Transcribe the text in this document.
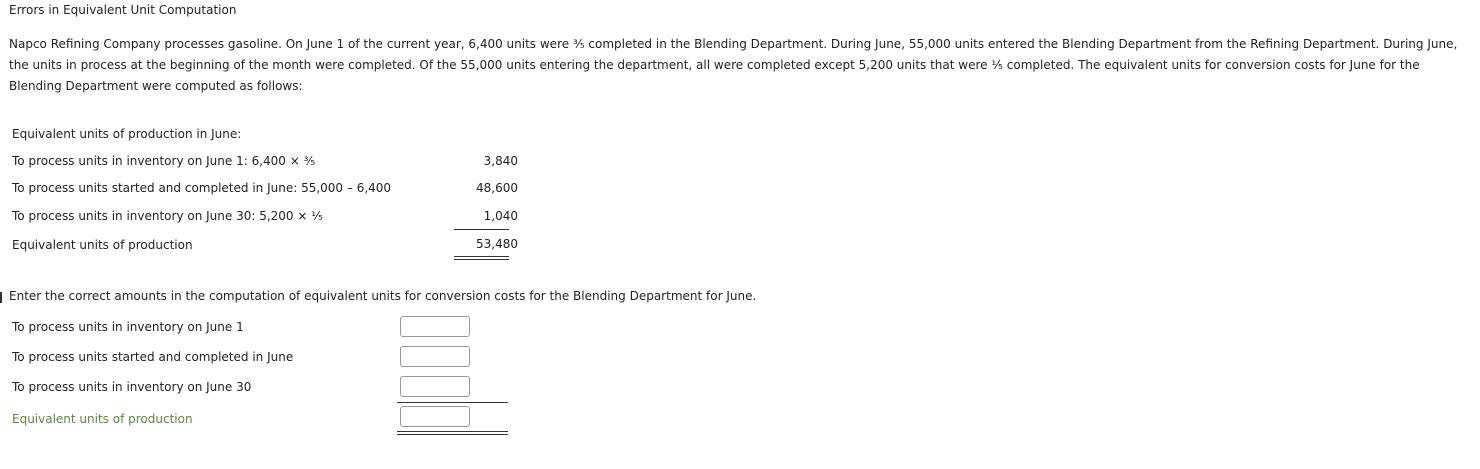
Errors in Equivalent Unit Computation
Napco Refining Company processes gasoline. On June 1 of the current year, 6,400 units were ³⁄₅ completed in the Blending Department. During June, 55,000 units entered the Blending Department from the Refining Department. During June, the units in process at the beginning of the month were completed. Of the 55,000 units entering the department, all were completed except 5,200 units that were ¹⁄₅ completed. The equivalent units for conversion costs for June for the Blending Department were computed as follows:
Equivalent units of production in June:
To process units in inventory on June 1: 6,400 × ³⁄₅	3,840
To process units started and completed in June: 55,000 – 6,400	48,600
To process units in inventory on June 30: 5,200 × ¹⁄₅	1,040
Equivalent units of production	53,480
Enter the correct amounts in the computation of equivalent units for conversion costs for the Blending Department for June.
To process units in inventory on June 1
To process units started and completed in June
To process units in inventory on June 30
Equivalent units of production
